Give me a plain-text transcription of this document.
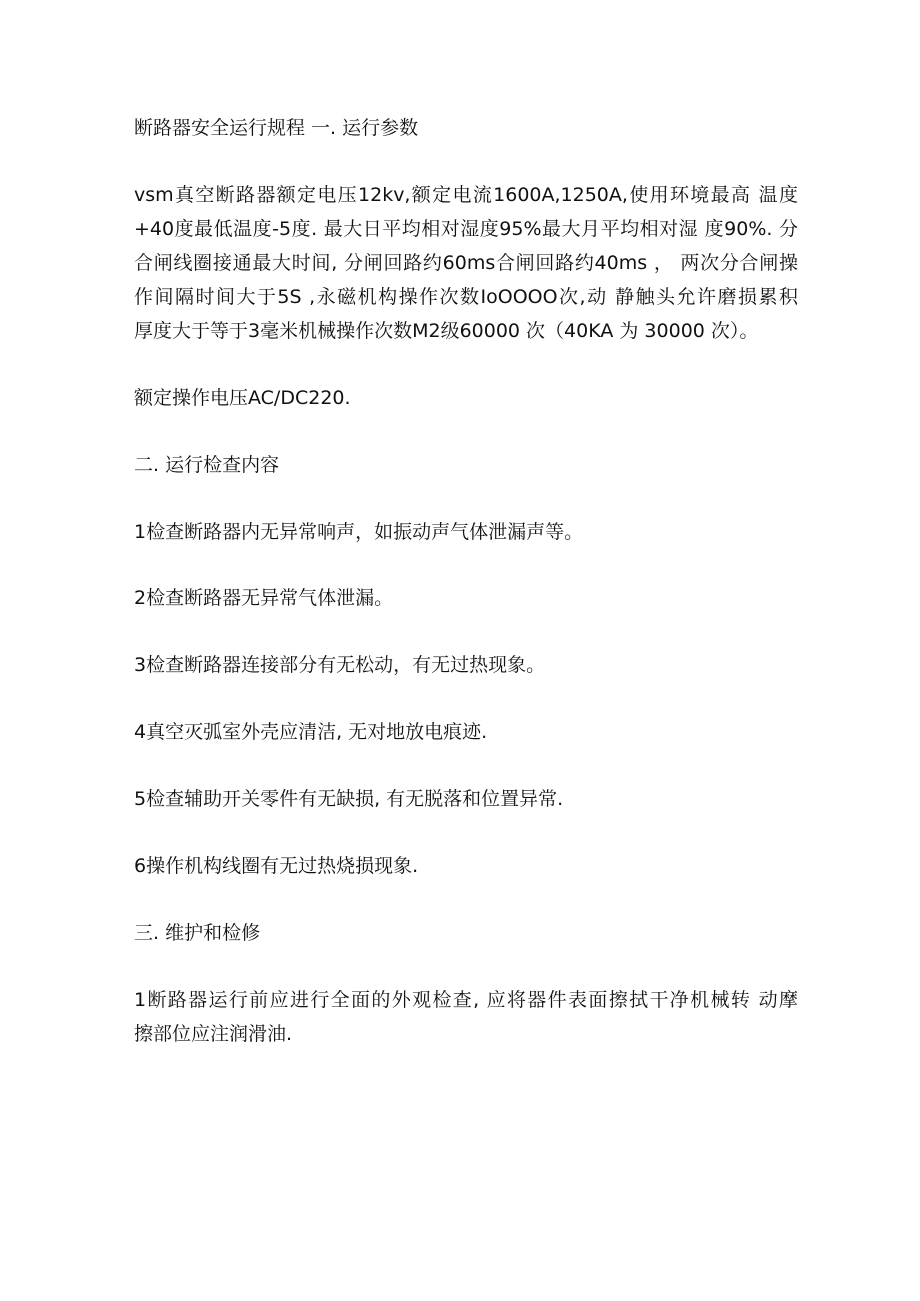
断路器安全运行规程 一. 运行参数
vsm真空断路器额定电压12kv,额定电流1600A,1250A,使用环境最高 温度
+40度最低温度-5度. 最大日平均相对湿度95%最大月平均相对湿 度90%. 分
合闸线圈接通最大时间, 分闸回路约60ms合闸回路约40ms ， 两次分合闸操
作间隔时间大于5S ,永磁机构操作次数IoOOOO次,动 静触头允许磨损累积
厚度大于等于3毫米机械操作次数M2级60000 次（40KA 为 30000 次）。
额定操作电压AC/DC220.
二. 运行检查内容
1检查断路器内无异常响声，如振动声气体泄漏声等。
2检查断路器无异常气体泄漏。
3检查断路器连接部分有无松动，有无过热现象。
4真空灭弧室外壳应清洁, 无对地放电痕迹.
5检查辅助开关零件有无缺损, 有无脱落和位置异常.
6操作机构线圈有无过热烧损现象.
三. 维护和检修
1断路器运行前应进行全面的外观检查, 应将器件表面擦拭干净机械转 动摩
擦部位应注润滑油.
